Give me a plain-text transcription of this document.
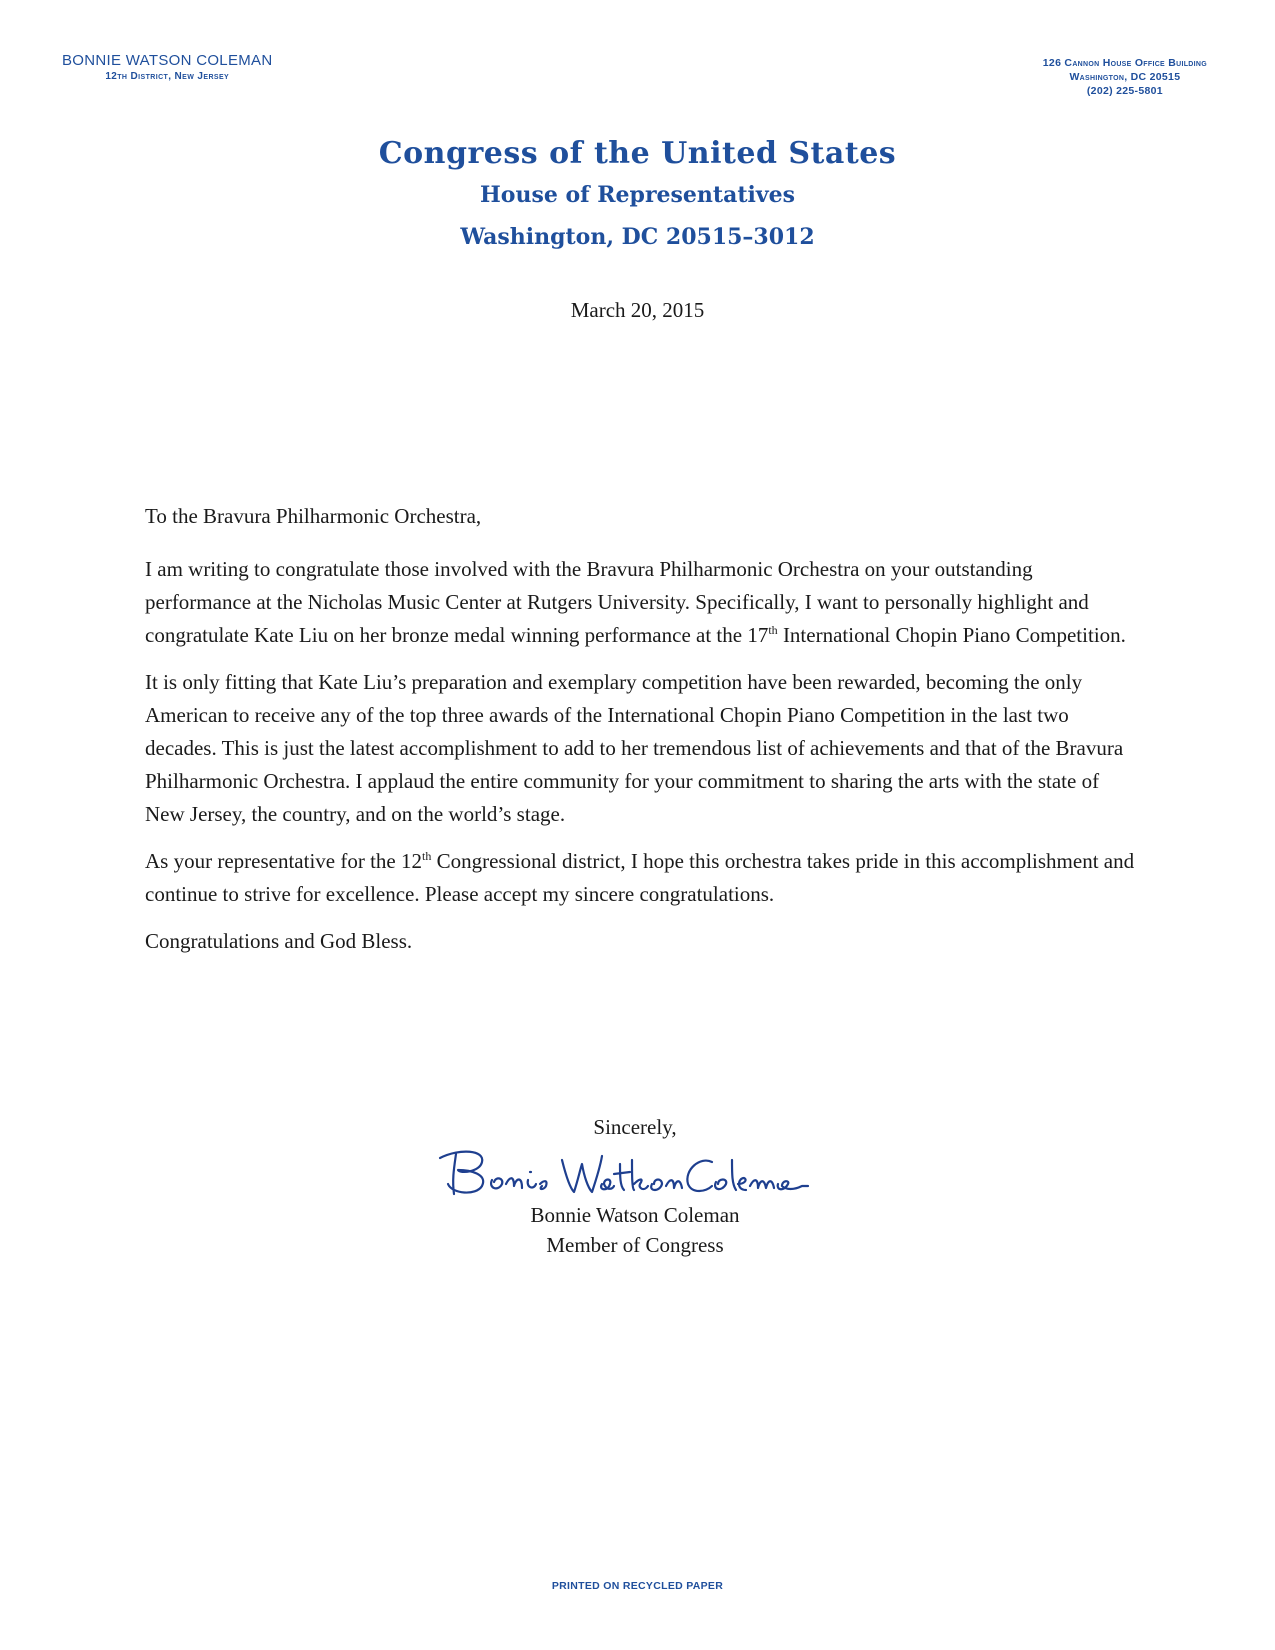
BONNIE WATSON COLEMAN
12th District, New Jersey
126 Cannon House Office Building
Washington, DC 20515
(202) 225-5801
Congress of the United States
House of Representatives
Washington, DC 20515–3012
March 20, 2015

To the Bravura Philharmonic Orchestra,

I am writing to congratulate those involved with the Bravura Philharmonic Orchestra on your outstanding performance at the Nicholas Music Center at Rutgers University. Specifically, I want to personally highlight and congratulate Kate Liu on her bronze medal winning performance at the 17th International Chopin Piano Competition.

It is only fitting that Kate Liu’s preparation and exemplary competition have been rewarded, becoming the only American to receive any of the top three awards of the International Chopin Piano Competition in the last two decades. This is just the latest accomplishment to add to her tremendous list of achievements and that of the Bravura Philharmonic Orchestra. I applaud the entire community for your commitment to sharing the arts with the state of New Jersey, the country, and on the world’s stage.

As your representative for the 12th Congressional district, I hope this orchestra takes pride in this accomplishment and continue to strive for excellence. Please accept my sincere congratulations.

Congratulations and God Bless.

Sincerely,
Bonnie Watson Coleman
Member of Congress
PRINTED ON RECYCLED PAPER
